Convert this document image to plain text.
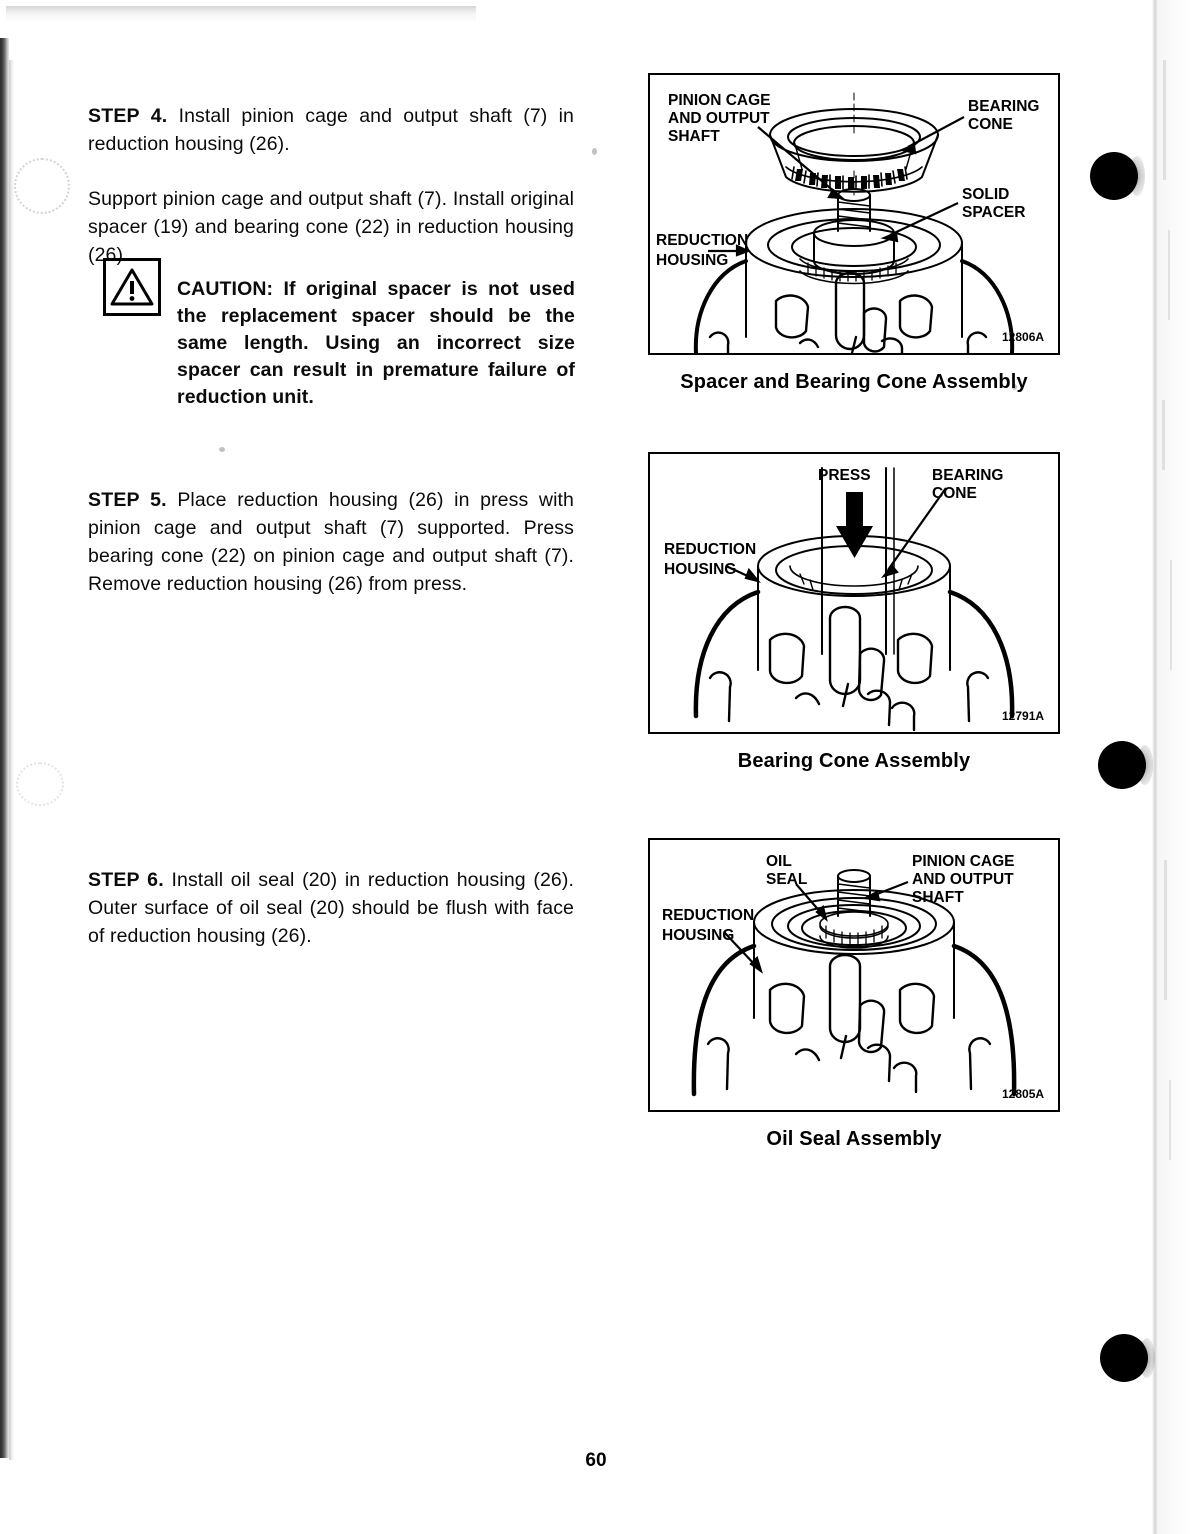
STEP 4. Install pinion cage and output shaft (7) in reduction housing (26).

Support pinion cage and output shaft (7). Install original spacer (19) and bearing cone (22) in reduction housing (26).

CAUTION: If original spacer is not used the replacement spacer should be the same length. Using an incorrect size spacer can result in premature failure of reduction unit.

STEP 5. Place reduction housing (26) in press with pinion cage and output shaft (7) supported. Press bearing cone (22) on pinion cage and output shaft (7). Remove reduction housing (26) from press.

STEP 6. Install oil seal (20) in reduction housing (26). Outer surface of oil seal (20) should be flush with face of reduction housing (26).

PINION CAGE
AND OUTPUT
SHAFT
BEARING
CONE
SOLID
SPACER
REDUCTION
HOUSING
12806A
Spacer and Bearing Cone Assembly
PRESS	BEARING
CONE
REDUCTION
HOUSING
12791A
Bearing Cone Assembly
OIL
SEAL
PINION CAGE
AND OUTPUT
SHAFT
REDUCTION
HOUSING
12805A
Oil Seal Assembly
60
